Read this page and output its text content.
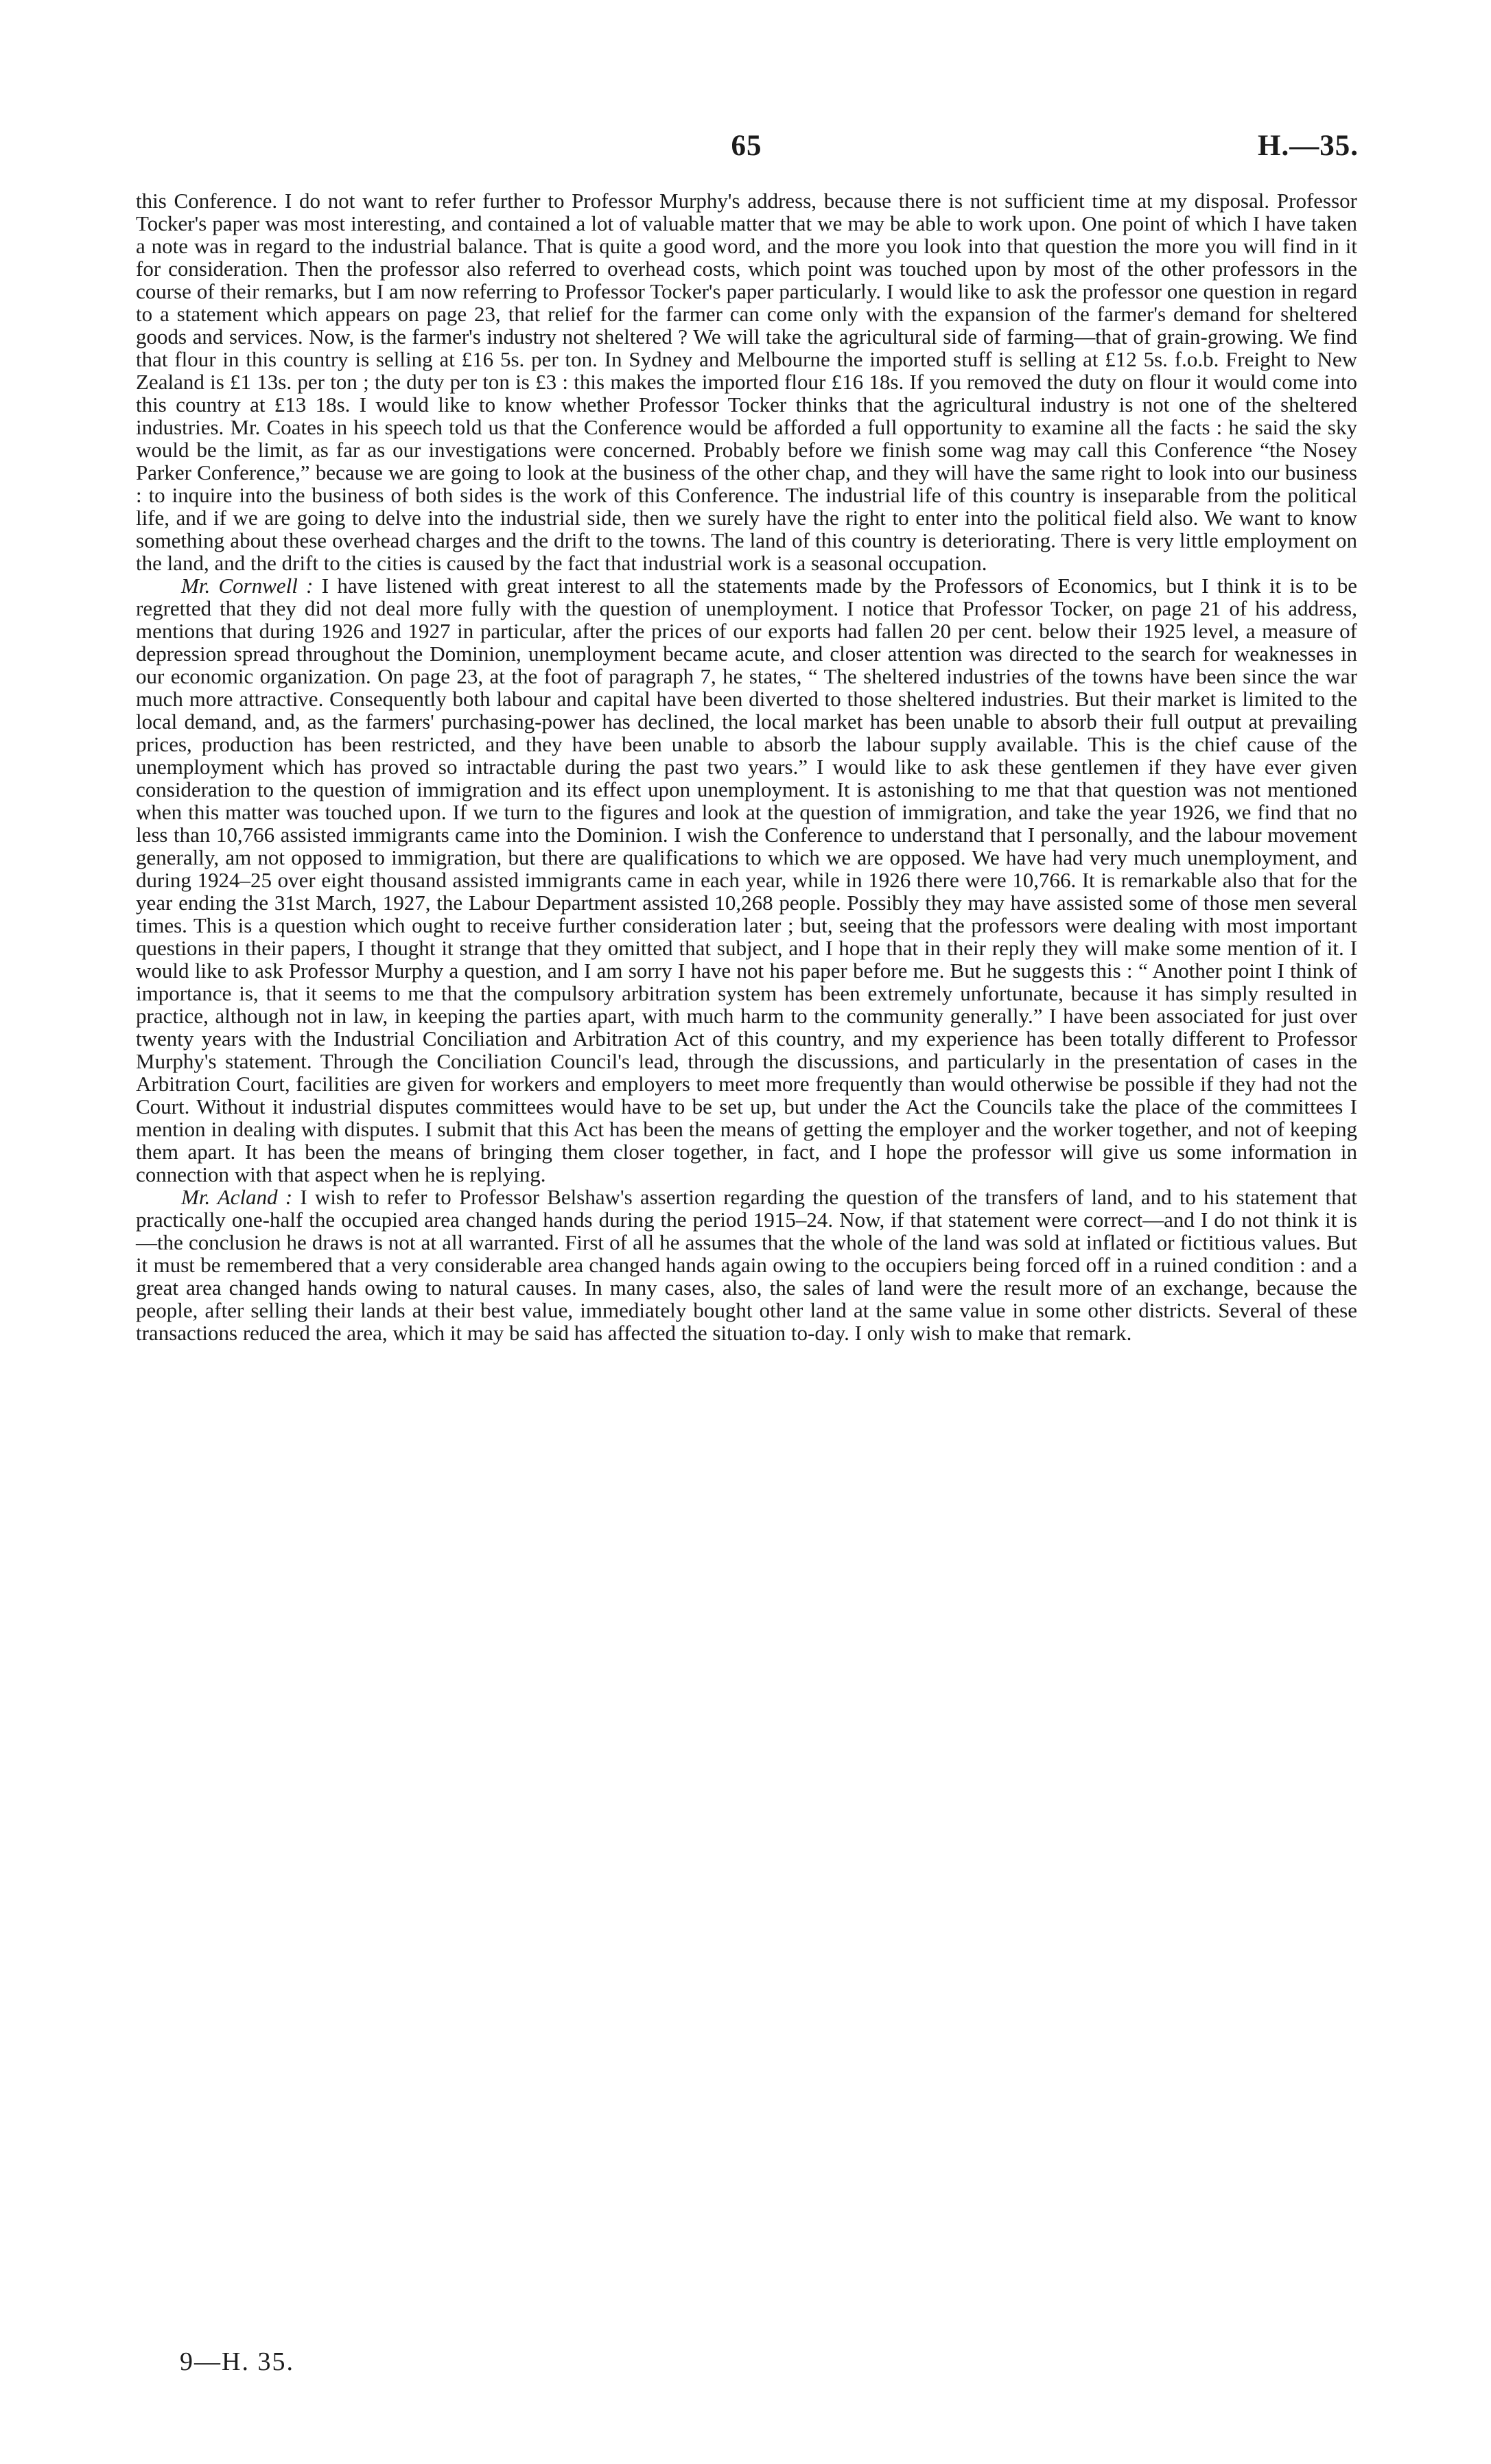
65	H.—35.

this Conference. I do not want to refer further to Professor Murphy's address, because there is not sufficient time at my disposal. Professor Tocker's paper was most interesting, and contained a lot of valuable matter that we may be able to work upon. One point of which I have taken a note was in regard to the industrial balance. That is quite a good word, and the more you look into that question the more you will find in it for consideration. Then the professor also referred to overhead costs, which point was touched upon by most of the other professors in the course of their remarks, but I am now referring to Professor Tocker's paper particularly. I would like to ask the professor one question in regard to a statement which appears on page 23, that relief for the farmer can come only with the expansion of the farmer's demand for sheltered goods and services. Now, is the farmer's industry not sheltered ? We will take the agricultural side of farming—that of grain-growing. We find that flour in this country is selling at £16 5s. per ton. In Sydney and Melbourne the imported stuff is selling at £12 5s. f.o.b. Freight to New Zealand is £1 13s. per ton ; the duty per ton is £3 : this makes the imported flour £16 18s. If you removed the duty on flour it would come into this country at £13 18s. I would like to know whether Professor Tocker thinks that the agricultural industry is not one of the sheltered industries. Mr. Coates in his speech told us that the Conference would be afforded a full opportunity to examine all the facts : he said the sky would be the limit, as far as our investigations were concerned. Probably before we finish some wag may call this Conference “the Nosey Parker Conference,” because we are going to look at the business of the other chap, and they will have the same right to look into our business : to inquire into the business of both sides is the work of this Conference. The industrial life of this country is inseparable from the political life, and if we are going to delve into the industrial side, then we surely have the right to enter into the political field also. We want to know something about these overhead charges and the drift to the towns. The land of this country is deteriorating. There is very little employment on the land, and the drift to the cities is caused by the fact that industrial work is a seasonal occupation.

Mr. Cornwell : I have listened with great interest to all the statements made by the Professors of Economics, but I think it is to be regretted that they did not deal more fully with the question of unemployment. I notice that Professor Tocker, on page 21 of his address, mentions that during 1926 and 1927 in particular, after the prices of our exports had fallen 20 per cent. below their 1925 level, a measure of depression spread throughout the Dominion, unemployment became acute, and closer attention was directed to the search for weaknesses in our economic organization. On page 23, at the foot of paragraph 7, he states, “ The sheltered industries of the towns have been since the war much more attractive. Consequently both labour and capital have been diverted to those sheltered industries. But their market is limited to the local demand, and, as the farmers' purchasing-power has declined, the local market has been unable to absorb their full output at prevailing prices, production has been restricted, and they have been unable to absorb the labour supply available. This is the chief cause of the unemployment which has proved so intractable during the past two years.” I would like to ask these gentlemen if they have ever given consideration to the question of immigration and its effect upon unemployment. It is astonishing to me that that question was not mentioned when this matter was touched upon. If we turn to the figures and look at the question of immigration, and take the year 1926, we find that no less than 10,766 assisted immigrants came into the Dominion. I wish the Conference to understand that I personally, and the labour movement generally, am not opposed to immigration, but there are qualifications to which we are opposed. We have had very much unemployment, and during 1924–25 over eight thousand assisted immigrants came in each year, while in 1926 there were 10,766. It is remarkable also that for the year ending the 31st March, 1927, the Labour Department assisted 10,268 people. Possibly they may have assisted some of those men several times. This is a question which ought to receive further consideration later ; but, seeing that the professors were dealing with most important questions in their papers, I thought it strange that they omitted that subject, and I hope that in their reply they will make some mention of it. I would like to ask Professor Murphy a question, and I am sorry I have not his paper before me. But he suggests this : “ Another point I think of importance is, that it seems to me that the compulsory arbitration system has been extremely unfortunate, because it has simply resulted in practice, although not in law, in keeping the parties apart, with much harm to the community generally.” I have been associated for just over twenty years with the Industrial Conciliation and Arbitration Act of this country, and my experience has been totally different to Professor Murphy's statement. Through the Conciliation Council's lead, through the discussions, and particularly in the presentation of cases in the Arbitration Court, facilities are given for workers and employers to meet more frequently than would otherwise be possible if they had not the Court. Without it industrial disputes committees would have to be set up, but under the Act the Councils take the place of the committees I mention in dealing with disputes. I submit that this Act has been the means of getting the employer and the worker together, and not of keeping them apart. It has been the means of bringing them closer together, in fact, and I hope the professor will give us some information in connection with that aspect when he is replying.

Mr. Acland : I wish to refer to Professor Belshaw's assertion regarding the question of the transfers of land, and to his statement that practically one-half the occupied area changed hands during the period 1915–24. Now, if that statement were correct—and I do not think it is—the conclusion he draws is not at all warranted. First of all he assumes that the whole of the land was sold at inflated or fictitious values. But it must be remembered that a very considerable area changed hands again owing to the occupiers being forced off in a ruined condition : and a great area changed hands owing to natural causes. In many cases, also, the sales of land were the result more of an exchange, because the people, after selling their lands at their best value, immediately bought other land at the same value in some other districts. Several of these transactions reduced the area, which it may be said has affected the situation to-day. I only wish to make that remark.

9—H. 35.
